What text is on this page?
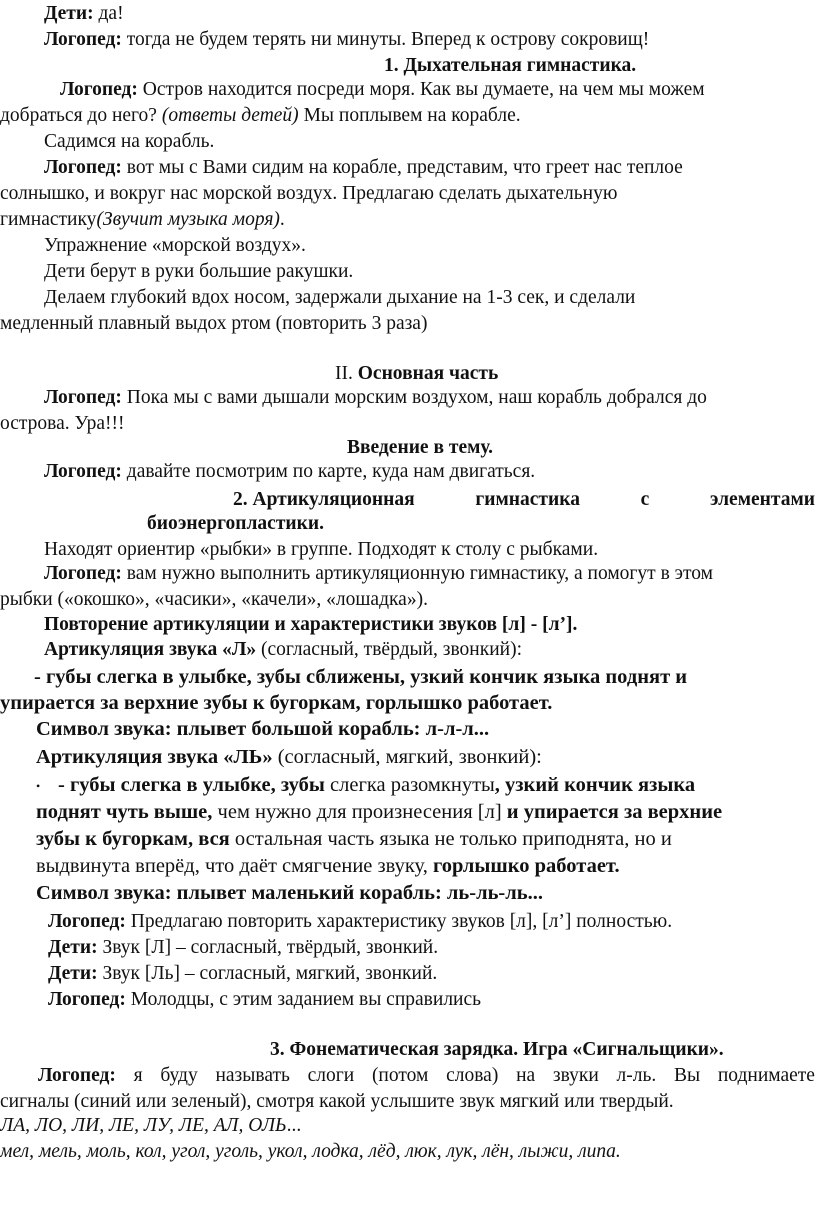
Дети: да!
Логопед: тогда не будем терять ни минуты. Вперед к острову сокровищ!
1. Дыхательная гимнастика.
Логопед: Остров находится посреди моря. Как вы думаете, на чем мы можем
добраться до него? (ответы детей) Мы поплывем на корабле.
Садимся на корабль.
Логопед: вот мы с Вами сидим на корабле, представим, что греет нас теплое
солнышко, и вокруг нас морской воздух. Предлагаю сделать дыхательную
гимнастику(Звучит музыка моря).
Упражнение «морской воздух».
Дети берут в руки большие ракушки.
Делаем глубокий вдох носом, задержали дыхание на 1-3 сек, и сделали
медленный плавный выдох ртом (повторить 3 раза)
II. Основная часть
Логопед: Пока мы с вами дышали морским воздухом, наш корабль добрался до
острова. Ура!!!
Введение в тему.
Логопед: давайте посмотрим по карте, куда нам двигаться.
2. Артикуляционная	гимнастика	с	элементами
биоэнергопластики.
Находят ориентир «рыбки» в группе. Подходят к столу с рыбками.
Логопед: вам нужно выполнить артикуляционную гимнастику, а помогут в этом
рыбки («окошко», «часики», «качели», «лошадка»).
Повторение артикуляции и характеристики звуков [л] - [л’].
Артикуляция звука «Л» (согласный, твёрдый, звонкий):
- губы слегка в улыбке, зубы сближены, узкий кончик языка поднят и
упирается за верхние зубы к бугоркам, горлышко работает.
Символ звука: плывет большой корабль: л-л-л...
Артикуляция звука «ЛЬ» (согласный, мягкий, звонкий):
• - губы слегка в улыбке, зубы слегка разомкнуты, узкий кончик языка
поднят чуть выше, чем нужно для произнесения [л] и упирается за верхние
зубы к бугоркам, вся остальная часть языка не только приподнята, но и
выдвинута вперёд, что даёт смягчение звуку, горлышко работает.
Символ звука: плывет маленький корабль: ль-ль-ль...
Логопед: Предлагаю повторить характеристику звуков [л], [л’] полностью.
Дети: Звук [Л] – согласный, твёрдый, звонкий.
Дети: Звук [Ль] – согласный, мягкий, звонкий.
Логопед: Молодцы, с этим заданием вы справились
3. Фонематическая зарядка. Игра «Сигнальщики».
Логопед: я буду называть слоги (потом слова) на звуки л-ль. Вы поднимаете
сигналы (синий или зеленый), смотря какой услышите звук мягкий или твердый.
ЛА, ЛО, ЛИ, ЛЕ, ЛУ, ЛЕ, АЛ, ОЛЬ...
мел, мель, моль, кол, угол, уголь, укол, лодка, лёд, люк, лук, лён, лыжи, липа.
